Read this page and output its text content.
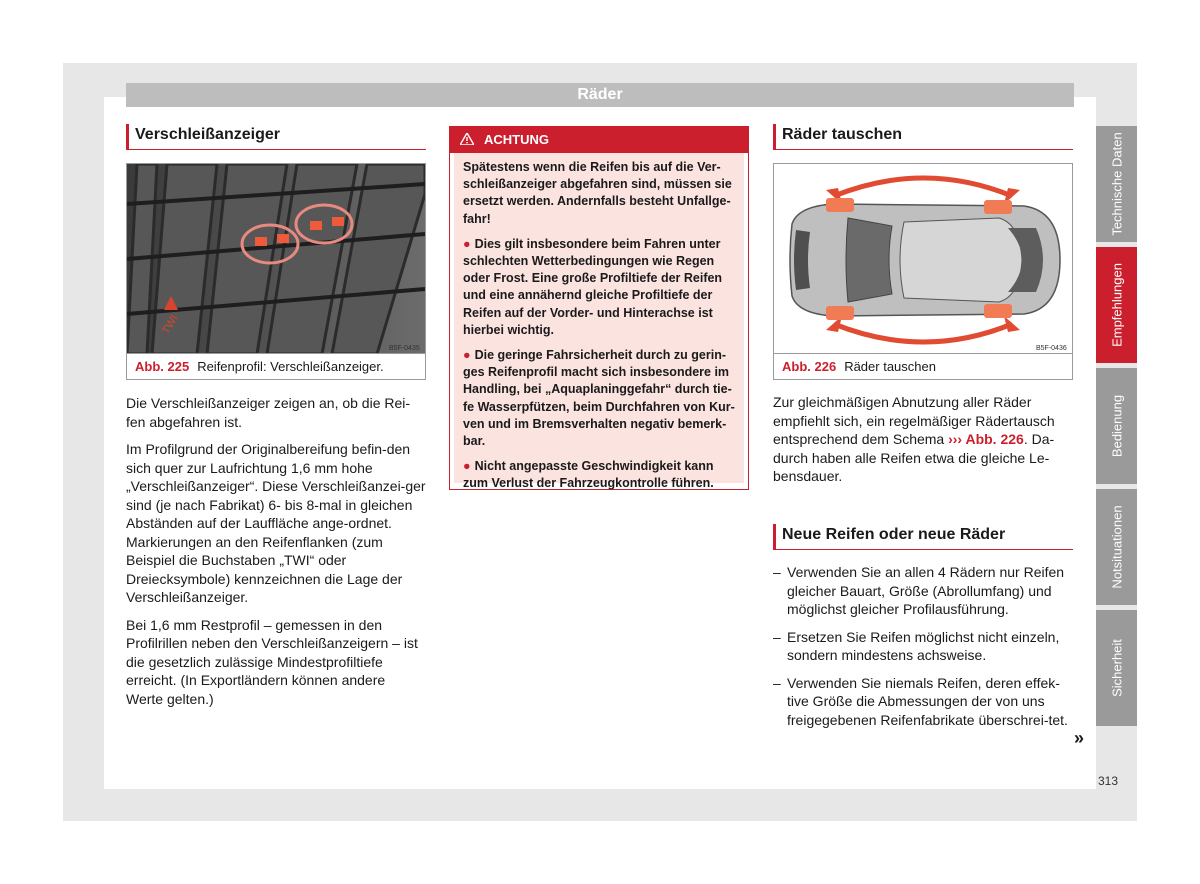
Räder
Verschleißanzeiger
TWI
B5F-0435
Abb. 225 Reifenprofil: Verschleißanzeiger.

Die Verschleißanzeiger zeigen an, ob die Rei-fen abgefahren ist.

Im Profilgrund der Originalbereifung befin-den sich quer zur Laufrichtung 1,6 mm hohe „Verschleißanzeiger“. Diese Verschleißanzei-ger sind (je nach Fabrikat) 6- bis 8-mal in gleichen Abständen auf der Lauffläche ange-ordnet. Markierungen an den Reifenflanken (zum Beispiel die Buchstaben „TWI“ oder Dreiecksymbole) kennzeichnen die Lage der Verschleißanzeiger.

Bei 1,6 mm Restprofil – gemessen in den Profilrillen neben den Verschleißanzeigern – ist die gesetzlich zulässige Mindestprofiltiefe erreicht. (In Exportländern können andere Werte gelten.)

ACHTUNG

Spätestens wenn die Reifen bis auf die Ver-schleißanzeiger abgefahren sind, müssen sie ersetzt werden. Andernfalls besteht Unfallge-fahr!

● Dies gilt insbesondere beim Fahren unter schlechten Wetterbedingungen wie Regen oder Frost. Eine große Profiltiefe der Reifen und eine annähernd gleiche Profiltiefe der Reifen auf der Vorder- und Hinterachse ist hierbei wichtig.

● Die geringe Fahrsicherheit durch zu gerin-ges Reifenprofil macht sich insbesondere im Handling, bei „Aquaplaninggefahr“ durch tie-fe Wasserpfützen, beim Durchfahren von Kur-ven und im Bremsverhalten negativ bemerk-bar.

● Nicht angepasste Geschwindigkeit kann zum Verlust der Fahrzeugkontrolle führen.

Räder tauschen
B5F-0436
Abb. 226 Räder tauschen

Zur gleichmäßigen Abnutzung aller Räder empfiehlt sich, ein regelmäßiger Rädertausch entsprechend dem Schema ››› Abb. 226. Da-durch haben alle Reifen etwa die gleiche Le-bensdauer.

Neue Reifen oder neue Räder
– Verwenden Sie an allen 4 Rädern nur Reifen gleicher Bauart, Größe (Abrollumfang) und möglichst gleicher Profilausführung.
– Ersetzen Sie Reifen möglichst nicht einzeln, sondern mindestens achsweise.
– Verwenden Sie niemals Reifen, deren effek-tive Größe die Abmessungen der von uns freigegebenen Reifenfabrikate überschrei-tet.
»
Technische Daten
Empfehlungen
Bedienung
Notsituationen
Sicherheit
313
